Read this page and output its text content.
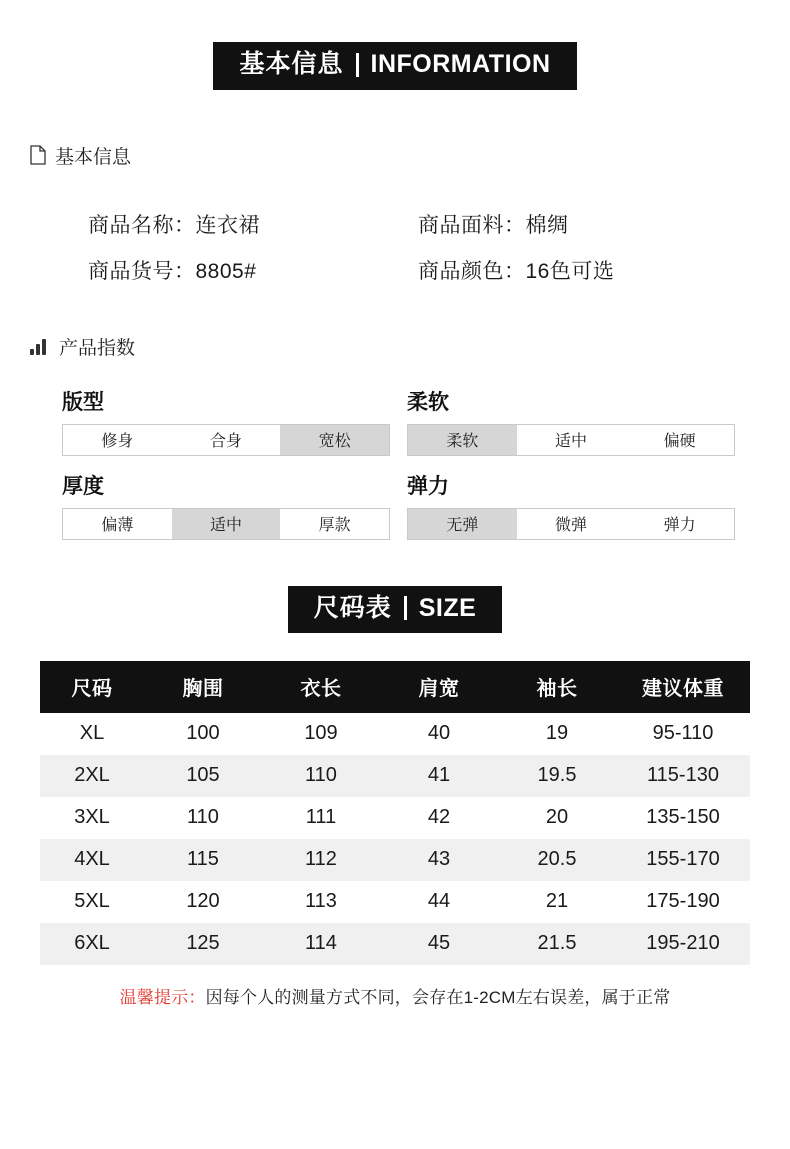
基本信息 INFORMATION
基本信息
商品名称：连衣裙	商品面料：棉绸
商品货号：8805#	商品颜色：16色可选
产品指数
版型
修身	合身	宽松
柔软
柔软	适中	偏硬
厚度
偏薄	适中	厚款
弹力
无弹	微弹	弹力
尺码表 SIZE
尺码	胸围	衣长	肩宽	袖长	建议体重
XL	100	109	40	19	95-110
2XL	105	110	41	19.5	115-130
3XL	110	111	42	20	135-150
4XL	115	112	43	20.5	155-170
5XL	120	113	44	21	175-190
6XL	125	114	45	21.5	195-210
温馨提示：因每个人的测量方式不同，会存在1-2CM左右误差，属于正常
